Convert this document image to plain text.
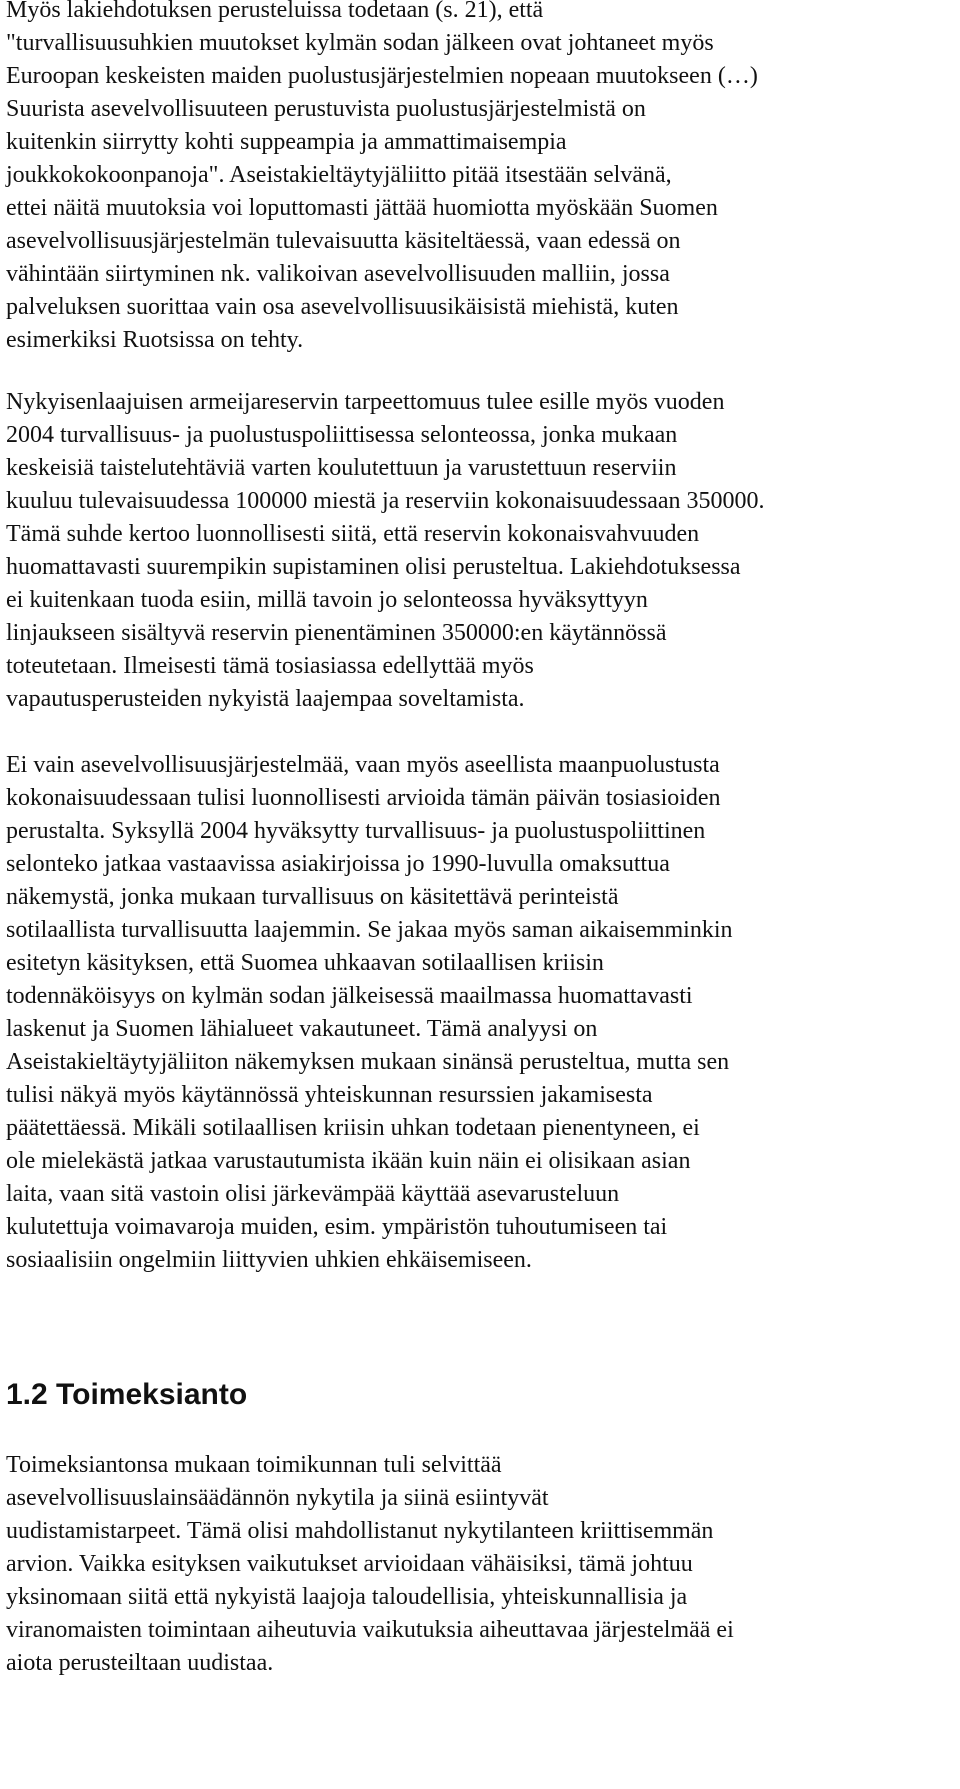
Myös lakiehdotuksen perusteluissa todetaan (s. 21), että
"turvallisuusuhkien muutokset kylmän sodan jälkeen ovat johtaneet myös
Euroopan keskeisten maiden puolustusjärjestelmien nopeaan muutokseen (…)
Suurista asevelvollisuuteen perustuvista puolustusjärjestelmistä on
kuitenkin siirrytty kohti suppeampia ja ammattimaisempia
joukkokokoonpanoja". Aseistakieltäytyjäliitto pitää itsestään selvänä,
ettei näitä muutoksia voi loputtomasti jättää huomiotta myöskään Suomen
asevelvollisuusjärjestelmän tulevaisuutta käsiteltäessä, vaan edessä on
vähintään siirtyminen nk. valikoivan asevelvollisuuden malliin, jossa
palveluksen suorittaa vain osa asevelvollisuusikäisistä miehistä, kuten
esimerkiksi Ruotsissa on tehty.

Nykyisenlaajuisen armeijareservin tarpeettomuus tulee esille myös vuoden
2004 turvallisuus- ja puolustuspoliittisessa selonteossa, jonka mukaan
keskeisiä taistelutehtäviä varten koulutettuun ja varustettuun reserviin
kuuluu tulevaisuudessa 100000 miestä ja reserviin kokonaisuudessaan 350000.
Tämä suhde kertoo luonnollisesti siitä, että reservin kokonaisvahvuuden
huomattavasti suurempikin supistaminen olisi perusteltua. Lakiehdotuksessa
ei kuitenkaan tuoda esiin, millä tavoin jo selonteossa hyväksyttyyn
linjaukseen sisältyvä reservin pienentäminen 350000:en käytännössä
toteutetaan. Ilmeisesti tämä tosiasiassa edellyttää myös
vapautusperusteiden nykyistä laajempaa soveltamista.

Ei vain asevelvollisuusjärjestelmää, vaan myös aseellista maanpuolustusta
kokonaisuudessaan tulisi luonnollisesti arvioida tämän päivän tosiasioiden
perustalta. Syksyllä 2004 hyväksytty turvallisuus- ja puolustuspoliittinen
selonteko jatkaa vastaavissa asiakirjoissa jo 1990-luvulla omaksuttua
näkemystä, jonka mukaan turvallisuus on käsitettävä perinteistä
sotilaallista turvallisuutta laajemmin. Se jakaa myös saman aikaisemminkin
esitetyn käsityksen, että Suomea uhkaavan sotilaallisen kriisin
todennäköisyys on kylmän sodan jälkeisessä maailmassa huomattavasti
laskenut ja Suomen lähialueet vakautuneet. Tämä analyysi on
Aseistakieltäytyjäliiton näkemyksen mukaan sinänsä perusteltua, mutta sen
tulisi näkyä myös käytännössä yhteiskunnan resurssien jakamisesta
päätettäessä. Mikäli sotilaallisen kriisin uhkan todetaan pienentyneen, ei
ole mielekästä jatkaa varustautumista ikään kuin näin ei olisikaan asian
laita, vaan sitä vastoin olisi järkevämpää käyttää asevarusteluun
kulutettuja voimavaroja muiden, esim. ympäristön tuhoutumiseen tai
sosiaalisiin ongelmiin liittyvien uhkien ehkäisemiseen.

1.2 Toimeksianto

Toimeksiantonsa mukaan toimikunnan tuli selvittää
asevelvollisuuslainsäädännön nykytila ja siinä esiintyvät
uudistamistarpeet. Tämä olisi mahdollistanut nykytilanteen kriittisemmän
arvion. Vaikka esityksen vaikutukset arvioidaan vähäisiksi, tämä johtuu
yksinomaan siitä että nykyistä laajoja taloudellisia, yhteiskunnallisia ja
viranomaisten toimintaan aiheutuvia vaikutuksia aiheuttavaa järjestelmää ei
aiota perusteiltaan uudistaa.
